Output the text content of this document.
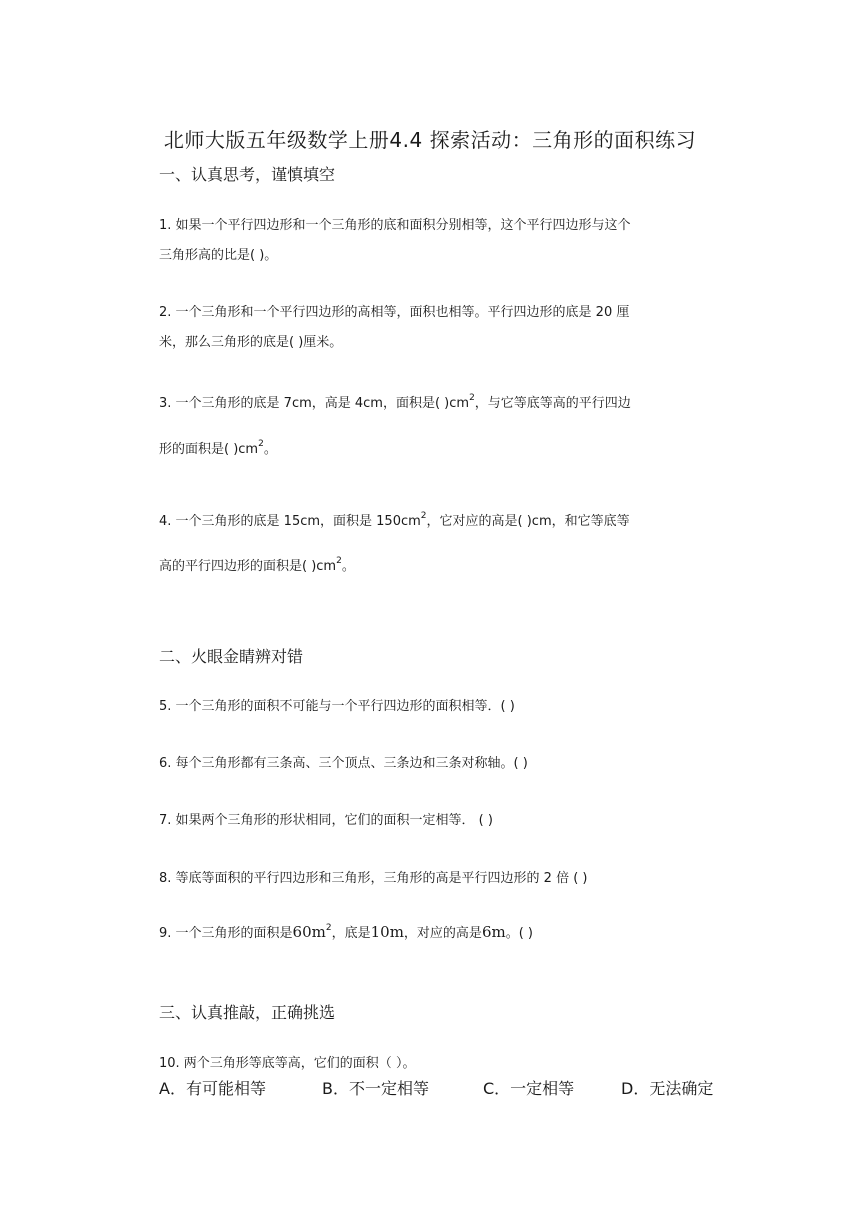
北师大版五年级数学上册4.4 探索活动：三角形的面积练习
一、认真思考，谨慎填空
1. 如果一个平行四边形和一个三角形的底和面积分别相等，这个平行四边形与这个
三角形高的比是( )。
2. 一个三角形和一个平行四边形的高相等，面积也相等。平行四边形的底是 20 厘
米，那么三角形的底是( )厘米。
3. 一个三角形的底是 7cm，高是 4cm，面积是( )$cm^2$，与它等底等高的平行四边
形的面积是( )$cm^2$。
4. 一个三角形的底是 15cm，面积是 $150cm^2$，它对应的高是( )cm，和它等底等
高的平行四边形的面积是( )$cm^2$。
二、火眼金睛辨对错
5. 一个三角形的面积不可能与一个平行四边形的面积相等．( )
6. 每个三角形都有三条高、三个顶点、三条边和三条对称轴。( )
7. 如果两个三角形的形状相同，它们的面积一定相等． ( )
8. 等底等面积的平行四边形和三角形，三角形的高是平行四边形的 2 倍 ( )
9. 一个三角形的面积是$60m^2$，底是10m，对应的高是6m。( )
三、认真推敲，正确挑选
10. 两个三角形等底等高，它们的面积（ ）。
A．有可能相等	B．不一定相等	C．一定相等	D．无法确定
